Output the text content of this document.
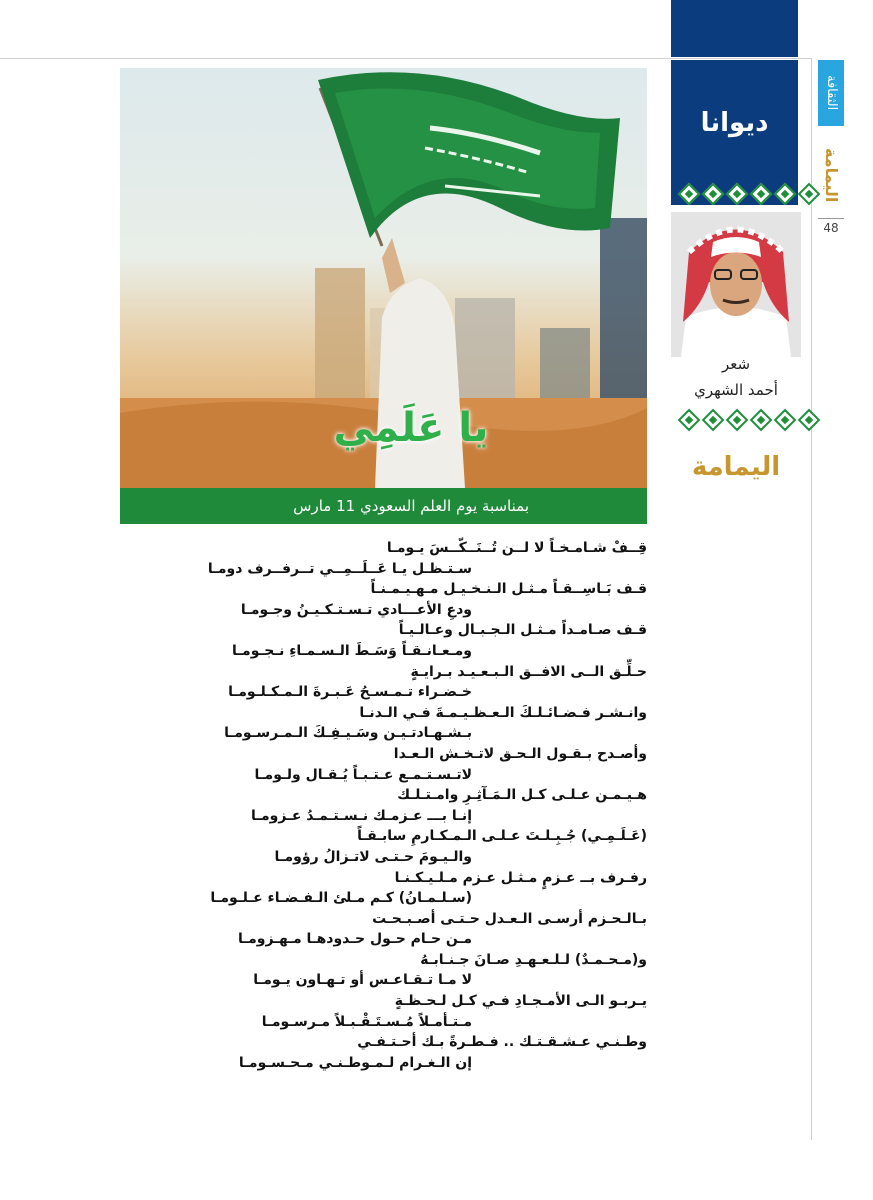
ديوانا
الثقافة
اليمامة
48
شعر
أحمد الشهري
اليمامة
يا عَلَمِي
بمناسبة يوم العلم السعودي 11 مارس
قِــفْ شـامـخـاً لا لــن تُــنَــكّــسَ يـومـا
سـتـظـل يـا عَــلَــمِــي تــرفــرف دومـا
قـف بَـاسِــقـاً مـثـل الـنـخـيـل مـهـيـمـنـاً
ودعِ الأعـــادي تـسـتـكـيـنُ وجـومـا
قـف صـامـداً مـثـل الـجـبـال وعـالـيـاً
ومـعـانـقـاً وَسَـطَ الـسـمـاءِ نـجـومـا
حـلِّـق الــى الافــق الـبـعـيـد بـرايـةٍ
خـضـراء تـمـسـحُ عَـبـرةَ الـمـكـلـومـا
وانـشـر فـضـائـلـكَ الـعـظـيـمـةَ فـي الـدنـا
بـشـهـادتـيـن وسَـيـفِـكَ الـمـرسـومـا
وأصـدح بـقـول الـحـق لاتـخـش الـعـدا
لاتـسـتـمـع عـتـبـاً يُـقـال ولـومـا
هـيـمـن عـلـى كـل الـمَـآثِـرِ وامـتـلـك
إنـا بـــ عـزمـك نـسـتـمـدُ عـزومـا
(عَـلَـمِـي) جُـبِـلـتَ عـلـى الـمـكـارمِ سابـقـاً
والـيـومَ حـتـى لاتـزالُ رؤومـا
رفـرف بــ عـزمٍ مـثـل عـزم مـلـيـكـنـا
(سـلـمـانُ) كـم مـلئ الـفـضـاء عـلـومـا
بـالـحـزم أرسـى الـعـدل حـتـى أصـبـحـت
مـن حـام حـول حـدودهـا مـهـزومـا
و(مـحـمـدٌ) لـلـعـهـدِ صـانَ جـنـابـهُ
لا مـا تـقـاعـس أو تـهـاون يـومـا
يـربـو الـى الأمـجـادِ فـي كـل لـحـظـةٍ
مـتـأمـلاً مُـسـتَـقْـبـلاً مـرسـومـا
وطـنـي عـشـقـتـك .. فـطـرةً بـك أحـتـفـي
إن الـغـرام لـمـوطـنـي مـحـسـومـا
